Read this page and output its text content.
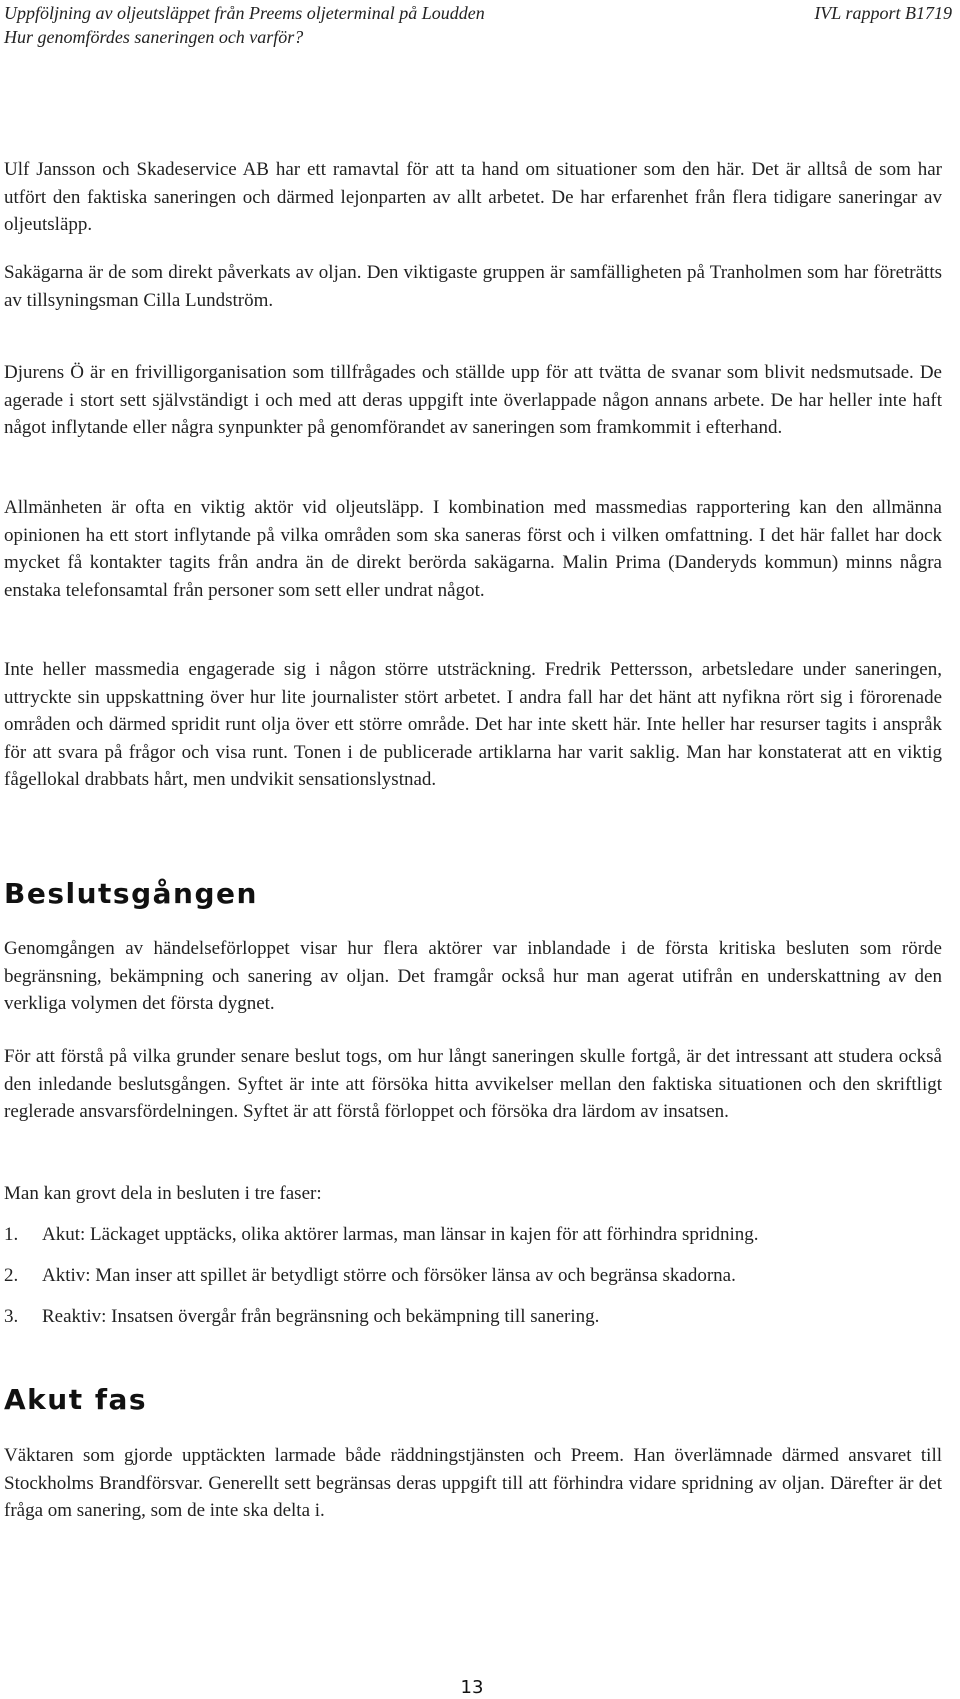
Uppföljning av oljeutsläppet från Preems oljeterminal på Loudden
Hur genomfördes saneringen och varför?
IVL rapport B1719

Ulf Jansson och Skadeservice AB har ett ramavtal för att ta hand om situationer som den här. Det är alltså de som har utfört den faktiska saneringen och därmed lejonparten av allt arbetet. De har erfarenhet från flera tidigare saneringar av oljeutsläpp.

Sakägarna är de som direkt påverkats av oljan. Den viktigaste gruppen är samfälligheten på Tranholmen som har företrätts av tillsyningsman Cilla Lundström.

Djurens Ö är en frivilligorganisation som tillfrågades och ställde upp för att tvätta de svanar som blivit nedsmutsade. De agerade i stort sett självständigt i och med att deras uppgift inte överlappade någon annans arbete. De har heller inte haft något inflytande eller några synpunkter på genomförandet av saneringen som framkommit i efterhand.

Allmänheten är ofta en viktig aktör vid oljeutsläpp. I kombination med massmedias rapportering kan den allmänna opinionen ha ett stort inflytande på vilka områden som ska saneras först och i vilken omfattning. I det här fallet har dock mycket få kontakter tagits från andra än de direkt berörda sakägarna. Malin Prima (Danderyds kommun) minns några enstaka telefonsamtal från personer som sett eller undrat något.

Inte heller massmedia engagerade sig i någon större utsträckning. Fredrik Pettersson, arbetsledare under saneringen, uttryckte sin uppskattning över hur lite journalister stört arbetet. I andra fall har det hänt att nyfikna rört sig i förorenade områden och därmed spridit runt olja över ett större område. Det har inte skett här. Inte heller har resurser tagits i anspråk för att svara på frågor och visa runt. Tonen i de publicerade artiklarna har varit saklig. Man har konstaterat att en viktig fågellokal drabbats hårt, men undvikit sensationslystnad.

Beslutsgången

Genomgången av händelseförloppet visar hur flera aktörer var inblandade i de första kritiska besluten som rörde begränsning, bekämpning och sanering av oljan. Det framgår också hur man agerat utifrån en underskattning av den verkliga volymen det första dygnet.

För att förstå på vilka grunder senare beslut togs, om hur långt saneringen skulle fortgå, är det intressant att studera också den inledande beslutsgången. Syftet är inte att försöka hitta avvikelser mellan den faktiska situationen och den skriftligt reglerade ansvarsfördelningen. Syftet är att förstå förloppet och försöka dra lärdom av insatsen.

Man kan grovt dela in besluten i tre faser:

1. Akut: Läckaget upptäcks, olika aktörer larmas, man länsar in kajen för att förhindra spridning.
2. Aktiv: Man inser att spillet är betydligt större och försöker länsa av och begränsa skadorna.
3. Reaktiv: Insatsen övergår från begränsning och bekämpning till sanering.
Akut fas

Väktaren som gjorde upptäckten larmade både räddningstjänsten och Preem. Han överlämnade därmed ansvaret till Stockholms Brandförsvar. Generellt sett begränsas deras uppgift till att förhindra vidare spridning av oljan. Därefter är det fråga om sanering, som de inte ska delta i.

13
